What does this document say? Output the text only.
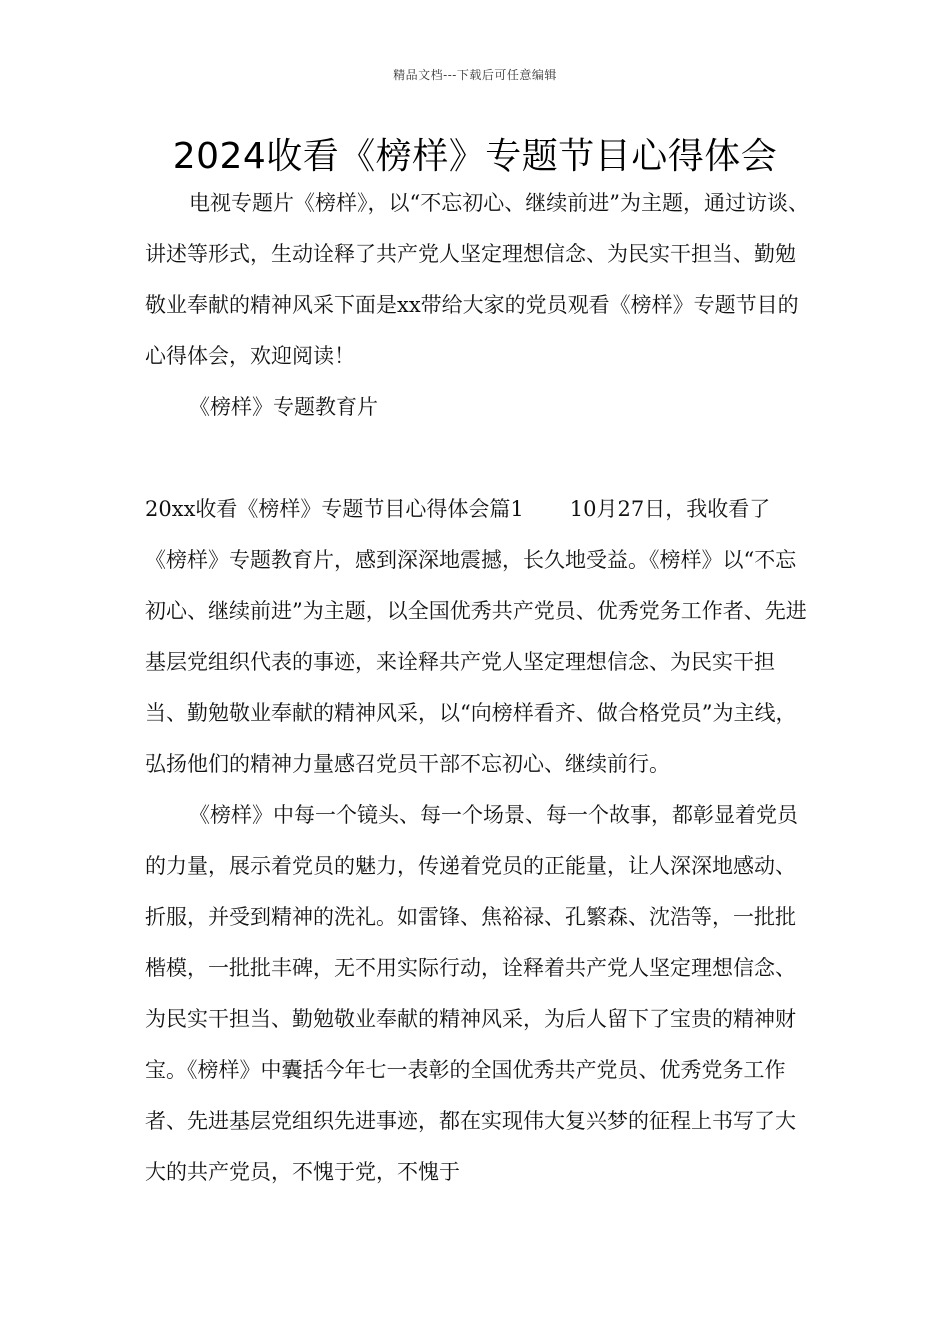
精品文档---下载后可任意编辑
2024收看《榜样》专题节目心得体会

电视专题片《榜样》，以“不忘初心、继续前进”为主题，通过访谈、讲述等形式，生动诠释了共产党人坚定理想信念、为民实干担当、勤勉敬业奉献的精神风采下面是xx带给大家的党员观看《榜样》专题节目的心得体会，欢迎阅读！

《榜样》专题教育片

20xx收看《榜样》专题节目心得体会篇1 10月27日，我收看了《榜样》专题教育片，感到深深地震撼，长久地受益。《榜样》以“不忘初心、继续前进”为主题，以全国优秀共产党员、优秀党务工作者、先进基层党组织代表的事迹，来诠释共产党人坚定理想信念、为民实干担当、勤勉敬业奉献的精神风采，以“向榜样看齐、做合格党员”为主线，弘扬他们的精神力量感召党员干部不忘初心、继续前行。

《榜样》中每一个镜头、每一个场景、每一个故事，都彰显着党员的力量，展示着党员的魅力，传递着党员的正能量，让人深深地感动、折服，并受到精神的洗礼。如雷锋、焦裕禄、孔繁森、沈浩等，一批批楷模，一批批丰碑，无不用实际行动，诠释着共产党人坚定理想信念、为民实干担当、勤勉敬业奉献的精神风采，为后人留下了宝贵的精神财宝。《榜样》中囊括今年七一表彰的全国优秀共产党员、优秀党务工作者、先进基层党组织先进事迹，都在实现伟大复兴梦的征程上书写了大大的共产党员，不愧于党，不愧于
